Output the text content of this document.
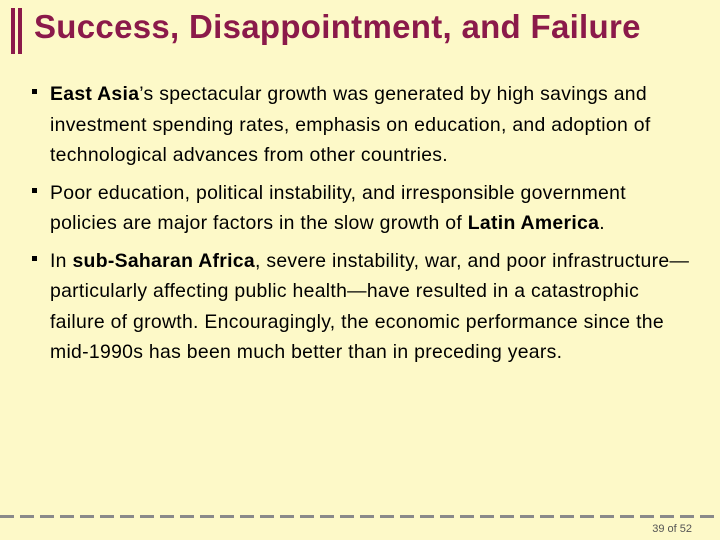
Success, Disappointment, and Failure
East Asia’s spectacular growth was generated by high savings and investment spending rates, emphasis on education, and adoption of technological advances from other countries.
Poor education, political instability, and irresponsible government policies are major factors in the slow growth of Latin America.
In sub-Saharan Africa, severe instability, war, and poor infrastructure— particularly affecting public health—have resulted in a catastrophic failure of growth. Encouragingly, the economic performance since the mid-1990s has been much better than in preceding years.
39 of 52
